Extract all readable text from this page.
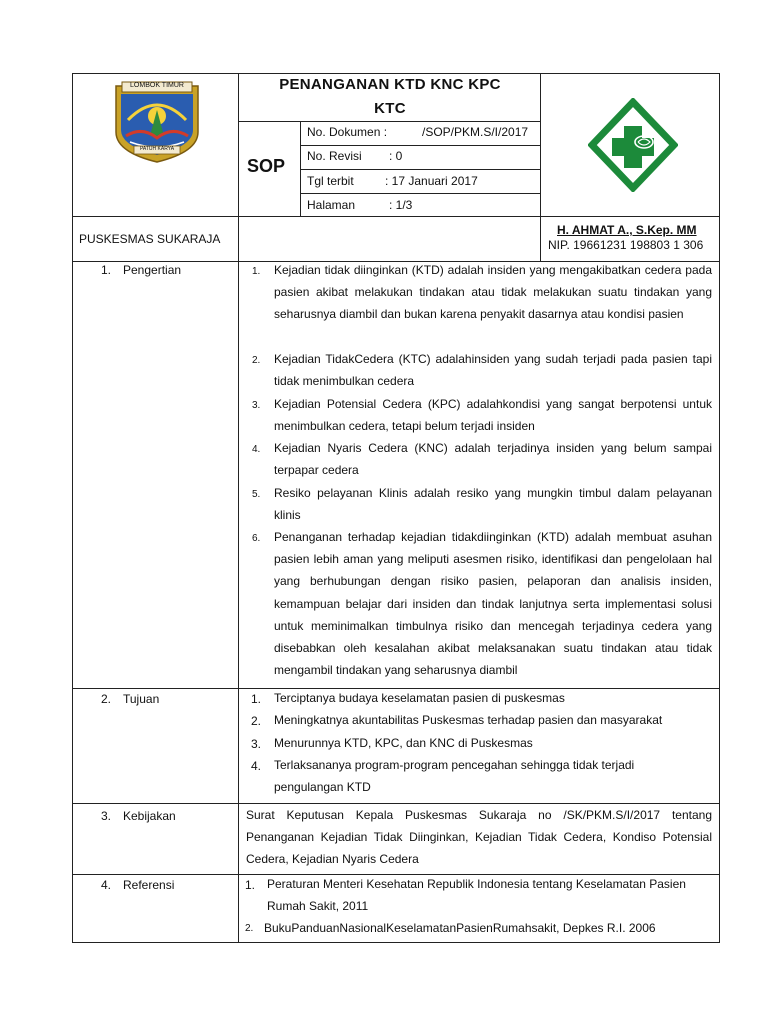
LOMBOK TIMUR
PATUH KARYA
PENANGANAN KTD KNC KPC
KTC
SOP
No. Dokumen :	/SOP/PKM.S/I/2017
No. Revisi : 0
Tgl terbit	: 17 Januari 2017
Halaman	: 1/3
PUSKESMAS SUKARAJA
H. AHMAT A., S.Kep. MM
NIP. 19661231 198803 1 306
1. Pengertian	1. Kejadian tidak diinginkan (KTD) adalah insiden yang mengakibatkan cedera pada pasien akibat melakukan tindakan atau tidak melakukan suatu tindakan yang seharusnya diambil dan bukan karena penyakit dasarnya atau kondisi pasien
2. Kejadian TidakCedera (KTC) adalahinsiden yang sudah terjadi pada pasien tapi tidak menimbulkan cedera
3. Kejadian Potensial Cedera (KPC) adalahkondisi yang sangat berpotensi untuk menimbulkan cedera, tetapi belum terjadi insiden
4. Kejadian Nyaris Cedera (KNC) adalah terjadinya insiden yang belum sampai terpapar cedera
5. Resiko pelayanan Klinis adalah resiko yang mungkin timbul dalam pelayanan klinis
6. Penanganan terhadap kejadian tidakdiinginkan (KTD) adalah membuat asuhan pasien lebih aman yang meliputi asesmen risiko, identifikasi dan pengelolaan hal yang berhubungan dengan risiko pasien, pelaporan dan analisis insiden, kemampuan belajar dari insiden dan tindak lanjutnya serta implementasi solusi untuk meminimalkan timbulnya risiko dan mencegah terjadinya cedera yang disebabkan oleh kesalahan akibat melaksanakan suatu tindakan atau tidak mengambil tindakan yang seharusnya diambil
2. Tujuan	1. Terciptanya budaya keselamatan pasien di puskesmas
2. Meningkatnya akuntabilitas Puskesmas terhadap pasien dan masyarakat
3. Menurunnya KTD, KPC, dan KNC di Puskesmas
4. Terlaksananya program-program pencegahan sehingga tidak terjadi pengulangan KTD
3. Kebijakan	Surat Keputusan Kepala Puskesmas Sukaraja no /SK/PKM.S/I/2017 tentang Penanganan Kejadian Tidak Diinginkan, Kejadian Tidak Cedera, Kondiso Potensial Cedera, Kejadian Nyaris Cedera
4. Referensi	1. Peraturan Menteri Kesehatan Republik Indonesia tentang Keselamatan Pasien Rumah Sakit, 2011
2. BukuPanduanNasionalKeselamatanPasienRumahsakit, Depkes R.I. 2006
